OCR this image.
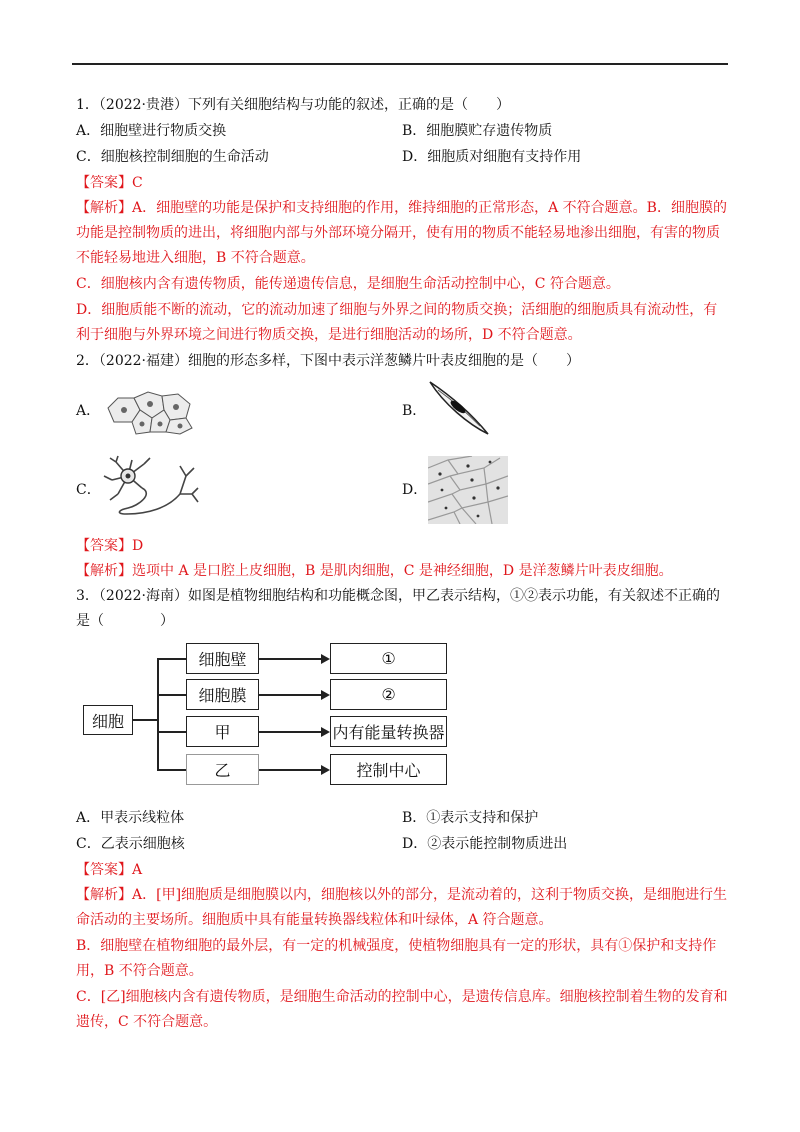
1．（2022·贵港）下列有关细胞结构与功能的叙述，正确的是（　　）
A．细胞壁进行物质交换	B．细胞膜贮存遗传物质
C．细胞核控制细胞的生命活动	D．细胞质对细胞有支持作用
【答案】C
【解析】A．细胞壁的功能是保护和支持细胞的作用，维持细胞的正常形态，A 不符合题意。B．细胞膜的
功能是控制物质的进出，将细胞内部与外部环境分隔开，使有用的物质不能轻易地渗出细胞，有害的物质
不能轻易地进入细胞，B 不符合题意。
C．细胞核内含有遗传物质，能传递遗传信息，是细胞生命活动控制中心，C 符合题意。
D．细胞质能不断的流动，它的流动加速了细胞与外界之间的物质交换；活细胞的细胞质具有流动性，有
利于细胞与外界环境之间进行物质交换，是进行细胞活动的场所，D 不符合题意。
2．（2022·福建）细胞的形态多样，下图中表示洋葱鳞片叶表皮细胞的是（　　）
A．	B．
C．	D．
【答案】D
【解析】选项中 A 是口腔上皮细胞，B 是肌肉细胞，C 是神经细胞，D 是洋葱鳞片叶表皮细胞。
3．（2022·海南）如图是植物细胞结构和功能概念图，甲乙表示结构，①②表示功能，有关叙述不正确的
是（　　　　）
细胞
细胞壁
细胞膜
甲
乙
①
②
内有能量转换器
控制中心
A．甲表示线粒体	B．①表示支持和保护
C．乙表示细胞核	D．②表示能控制物质进出
【答案】A
【解析】A．[甲]细胞质是细胞膜以内，细胞核以外的部分，是流动着的，这利于物质交换，是细胞进行生
命活动的主要场所。细胞质中具有能量转换器线粒体和叶绿体，A 符合题意。
B．细胞壁在植物细胞的最外层，有一定的机械强度，使植物细胞具有一定的形状，具有①保护和支持作
用，B 不符合题意。
C．[乙]细胞核内含有遗传物质，是细胞生命活动的控制中心，是遗传信息库。细胞核控制着生物的发育和
遗传，C 不符合题意。
